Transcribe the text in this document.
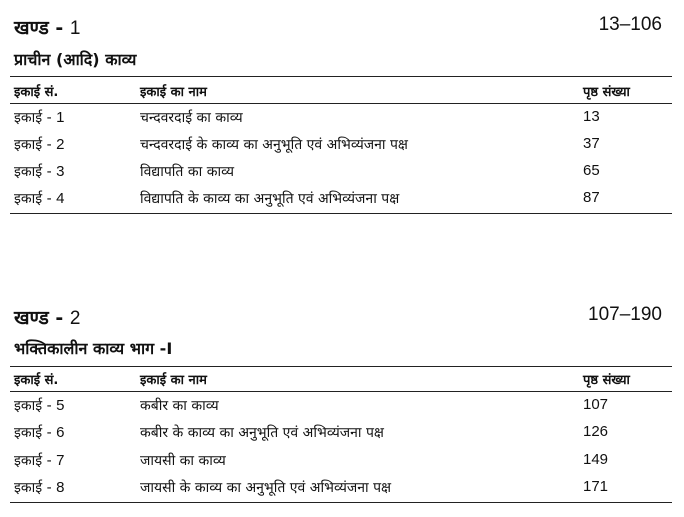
खण्ड - 1	13–106
प्राचीन (आदि) काव्य
इकाई सं.	इकाई का नाम	पृष्ठ संख्या
इकाई - 1	चन्दवरदाई का काव्य	13
इकाई - 2	चन्दवरदाई के काव्य का अनुभूति एवं अभिव्यंजना पक्ष	37
इकाई - 3	विद्यापति का काव्य	65
इकाई - 4	विद्यापति के काव्य का अनुभूति एवं अभिव्यंजना पक्ष	87
खण्ड - 2	107–190
भक्तिकालीन काव्य भाग -I
इकाई सं.	इकाई का नाम	पृष्ठ संख्या
इकाई - 5	कबीर का काव्य	107
इकाई - 6	कबीर के काव्य का अनुभूति एवं अभिव्यंजना पक्ष	126
इकाई - 7	जायसी का काव्य	149
इकाई - 8	जायसी के काव्य का अनुभूति एवं अभिव्यंजना पक्ष	171
